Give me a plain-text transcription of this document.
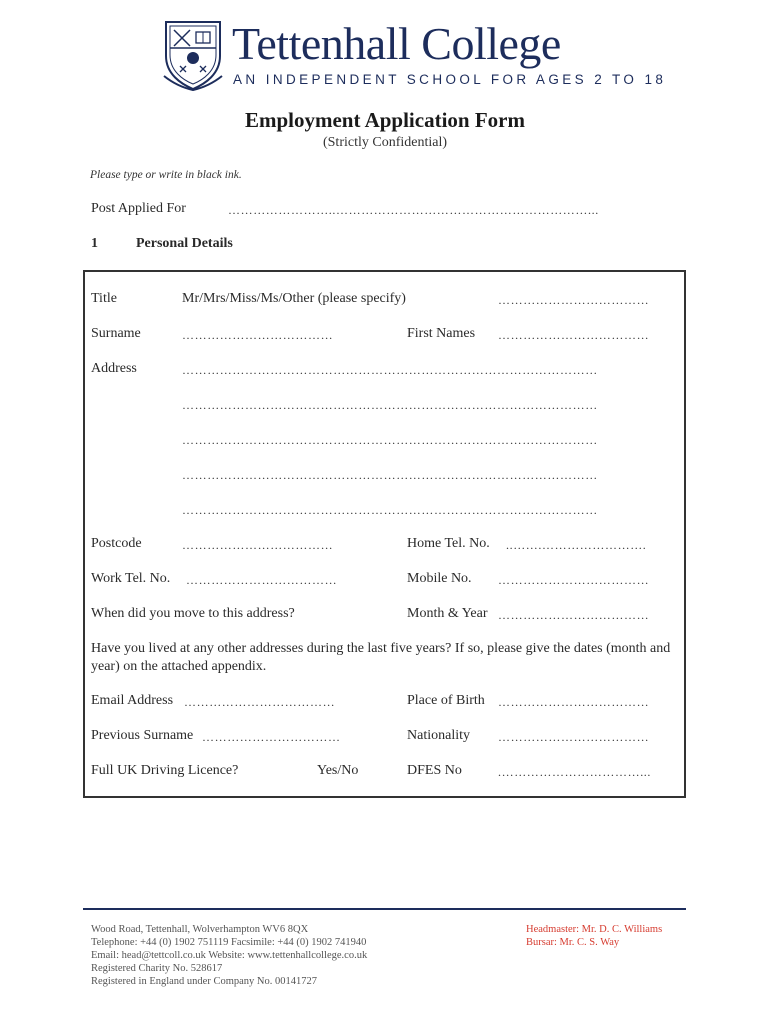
Tettenhall College
AN INDEPENDENT SCHOOL FOR AGES 2 TO 18
Employment Application Form
(Strictly Confidential)
Please type or write in black ink.
Post Applied For	……………………..……………………………………………………...
1	Personal Details
Title	Mr/Mrs/Miss/Ms/Other (please specify)	………………………………
Surname	………………………………	First Names ………………………………
Address	………………………………………………………………………………………
………………………………………………………………………………………
………………………………………………………………………………………
………………………………………………………………………………………
………………………………………………………………………………………
Postcode	………………………………	Home Tel. No. ..…….…………………….
Work Tel. No. ………………………………	Mobile No. ………………………………
When did you move to this address?	Month & Year ………………………………
Have you lived at any other addresses during the last five years? If so, please give the dates (month and year) on the attached appendix.
Email Address ………………………………	Place of Birth ………………………………
Previous Surname ……………………………	Nationality ………………………………
Full UK Driving Licence?	Yes/No	DFES No	.……………………………...
Wood Road, Tettenhall, Wolverhampton WV6 8QX
Telephone: +44 (0) 1902 751119 Facsimile: +44 (0) 1902 741940
Email: head@tettcoll.co.uk Website: www.tettenhallcollege.co.uk
Registered Charity No. 528617
Registered in England under Company No. 00141727
Headmaster: Mr. D. C. Williams
Bursar: Mr. C. S. Way
